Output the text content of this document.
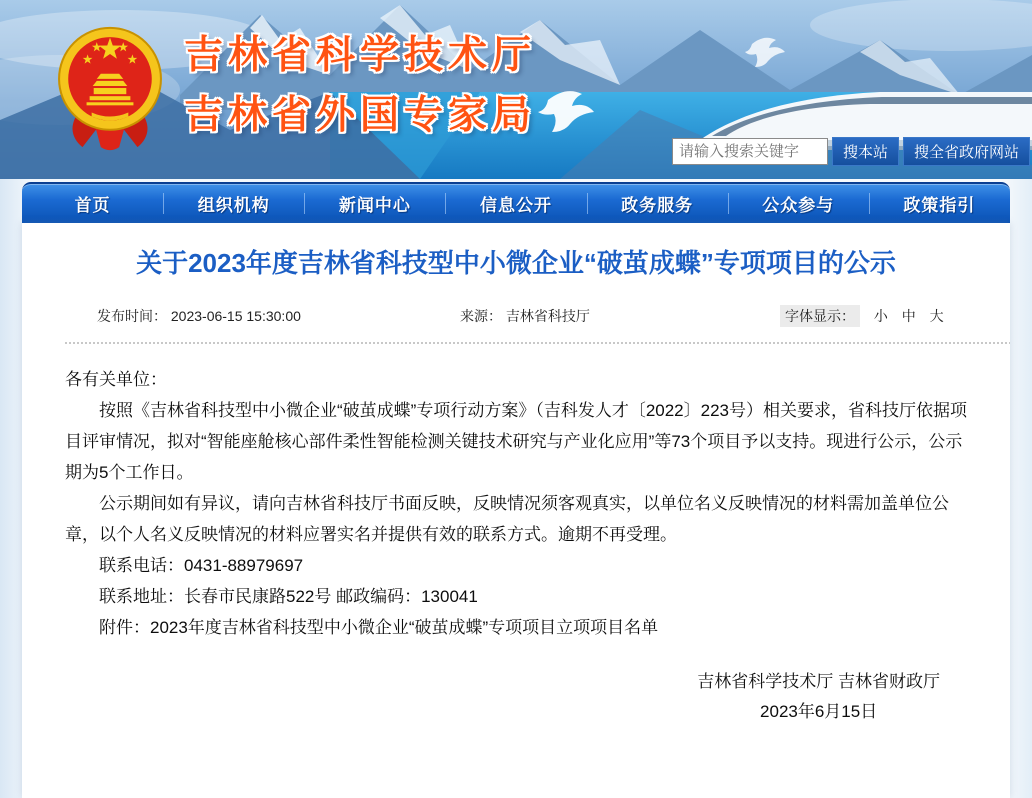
吉林省科学技术厅
吉林省外国专家局
请输入搜索关键字
搜本站	搜全省政府网站
首页	组织机构	新闻中心	信息公开	政务服务	公众参与	政策指引
关于2023年度吉林省科技型中小微企业“破茧成蝶”专项项目的公示
发布时间： 2023-06-15 15:30:00	来源： 吉林省科技厅	字体显示： 小 中 大

各有关单位：

按照《吉林省科技型中小微企业“破茧成蝶”专项行动方案》（吉科发人才〔2022〕223号）相关要求，省科技厅依据项目评审情况，拟对“智能座舱核心部件柔性智能检测关键技术研究与产业化应用”等73个项目予以支持。现进行公示，公示期为5个工作日。

公示期间如有异议，请向吉林省科技厅书面反映，反映情况须客观真实，以单位名义反映情况的材料需加盖单位公章，以个人名义反映情况的材料应署实名并提供有效的联系方式。逾期不再受理。

联系电话：0431-88979697

联系地址：长春市民康路522号 邮政编码：130041

附件：2023年度吉林省科技型中小微企业“破茧成蝶”专项项目立项项目名单

吉林省科学技术厅 吉林省财政厅
2023年6月15日
